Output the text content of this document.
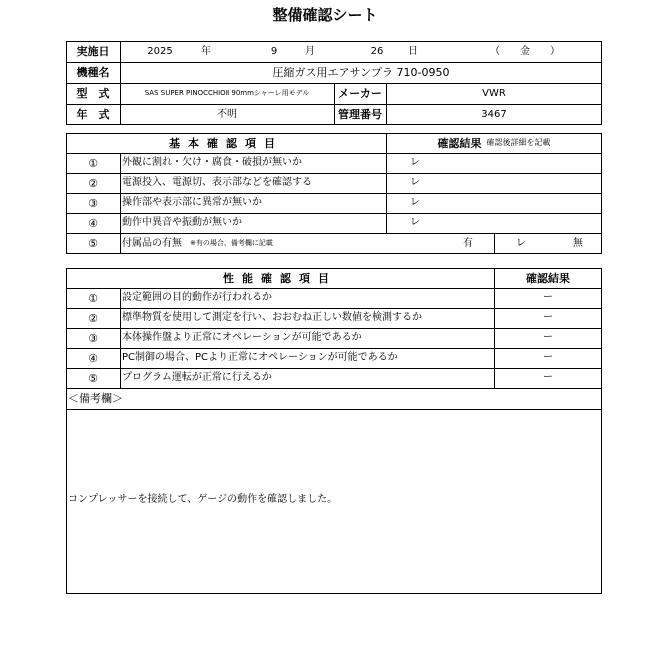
整備確認シート
実施日	2025	年	9	月	26	日	（　　金　　）
機種名	圧縮ガス用エアサンプラ 710-0950
型　式	SAS SUPER PINOCCHIOⅡ 90mmシャーレ用モデル	メーカー	VWR
年　式	不明	管理番号	3467
基本確認項目	確認結果 確認後詳細を記載
①	外観に割れ・欠け・腐食・破損が無いか	レ
②	電源投入、電源切、表示部などを確認する	レ
③	操作部や表示部に異常が無いか	レ
④	動作中異音や振動が無いか	レ
⑤	付属品の有無 ※有の場合、備考欄に記載	有	レ	無
性能確認項目	確認結果
①	設定範囲の目的動作が行われるか	ー
②	標準物質を使用して測定を行い、おおむね正しい数値を検測するか	ー
③	本体操作盤より正常にオペレーションが可能であるか	ー
④	PC制御の場合、PCより正常にオペレーションが可能であるか	ー
⑤	プログラム運転が正常に行えるか	ー
＜備考欄＞
コンプレッサーを接続して、ゲージの動作を確認しました。
